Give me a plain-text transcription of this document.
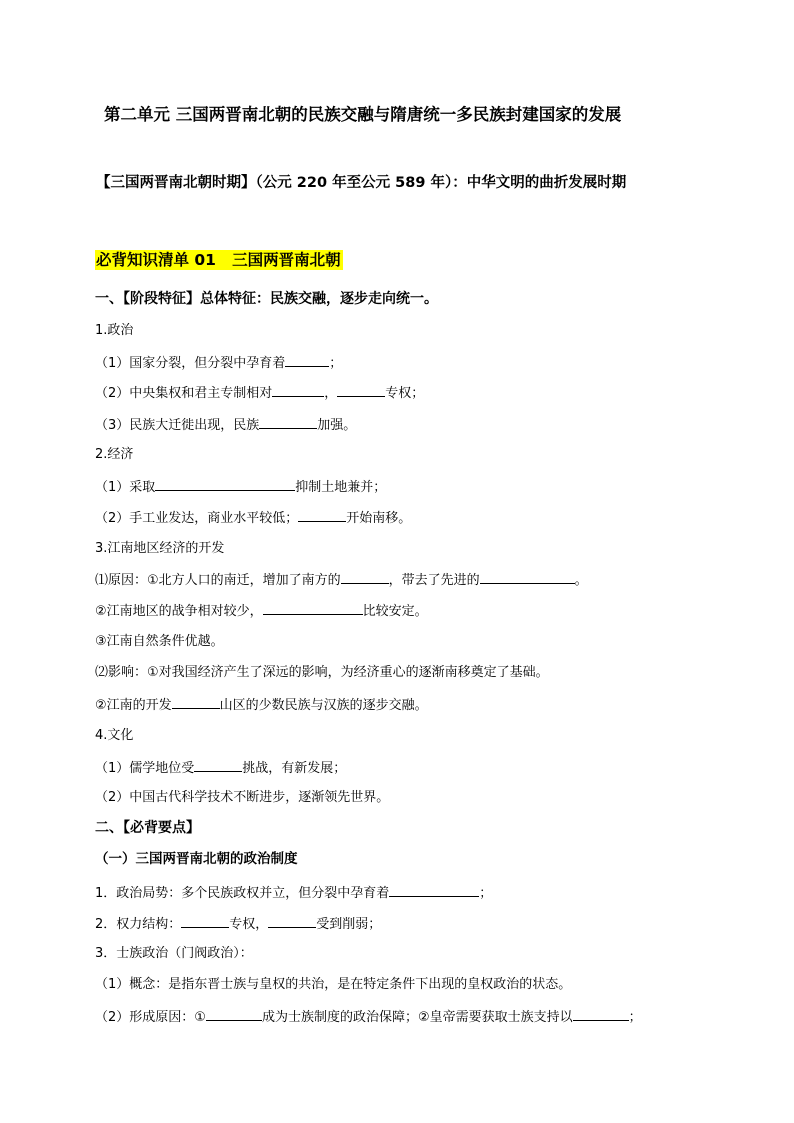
第二单元 三国两晋南北朝的民族交融与隋唐统一多民族封建国家的发展
【三国两晋南北朝时期】（公元 220 年至公元 589 年）：中华文明的曲折发展时期
必背知识清单 01 三国两晋南北朝
一、【阶段特征】总体特征：民族交融，逐步走向统一。
1.政治
（1）国家分裂，但分裂中孕育着	；
（2）中央集权和君主专制相对	，	专权；
（3）民族大迁徙出现，民族	加强。
2.经济
（1）采取	抑制土地兼并；
（2）手工业发达，商业水平较低；	开始南移。
3.江南地区经济的开发
⑴原因：①北方人口的南迁，增加了南方的	，带去了先进的	。
②江南地区的战争相对较少，	比较安定。
③江南自然条件优越。
⑵影响：①对我国经济产生了深远的影响，为经济重心的逐渐南移奠定了基础。
②江南的开发	山区的少数民族与汉族的逐步交融。
4.文化
（1）儒学地位受	挑战，有新发展；
（2）中国古代科学技术不断进步，逐渐领先世界。
二、【必背要点】
（一）三国两晋南北朝的政治制度
1．政治局势：多个民族政权并立，但分裂中孕育着	；
2．权力结构：	专权，	受到削弱；
3．士族政治（门阀政治）：
（1）概念：是指东晋士族与皇权的共治，是在特定条件下出现的皇权政治的状态。
（2）形成原因：①	成为士族制度的政治保障；②皇帝需要获取士族支持以	；
